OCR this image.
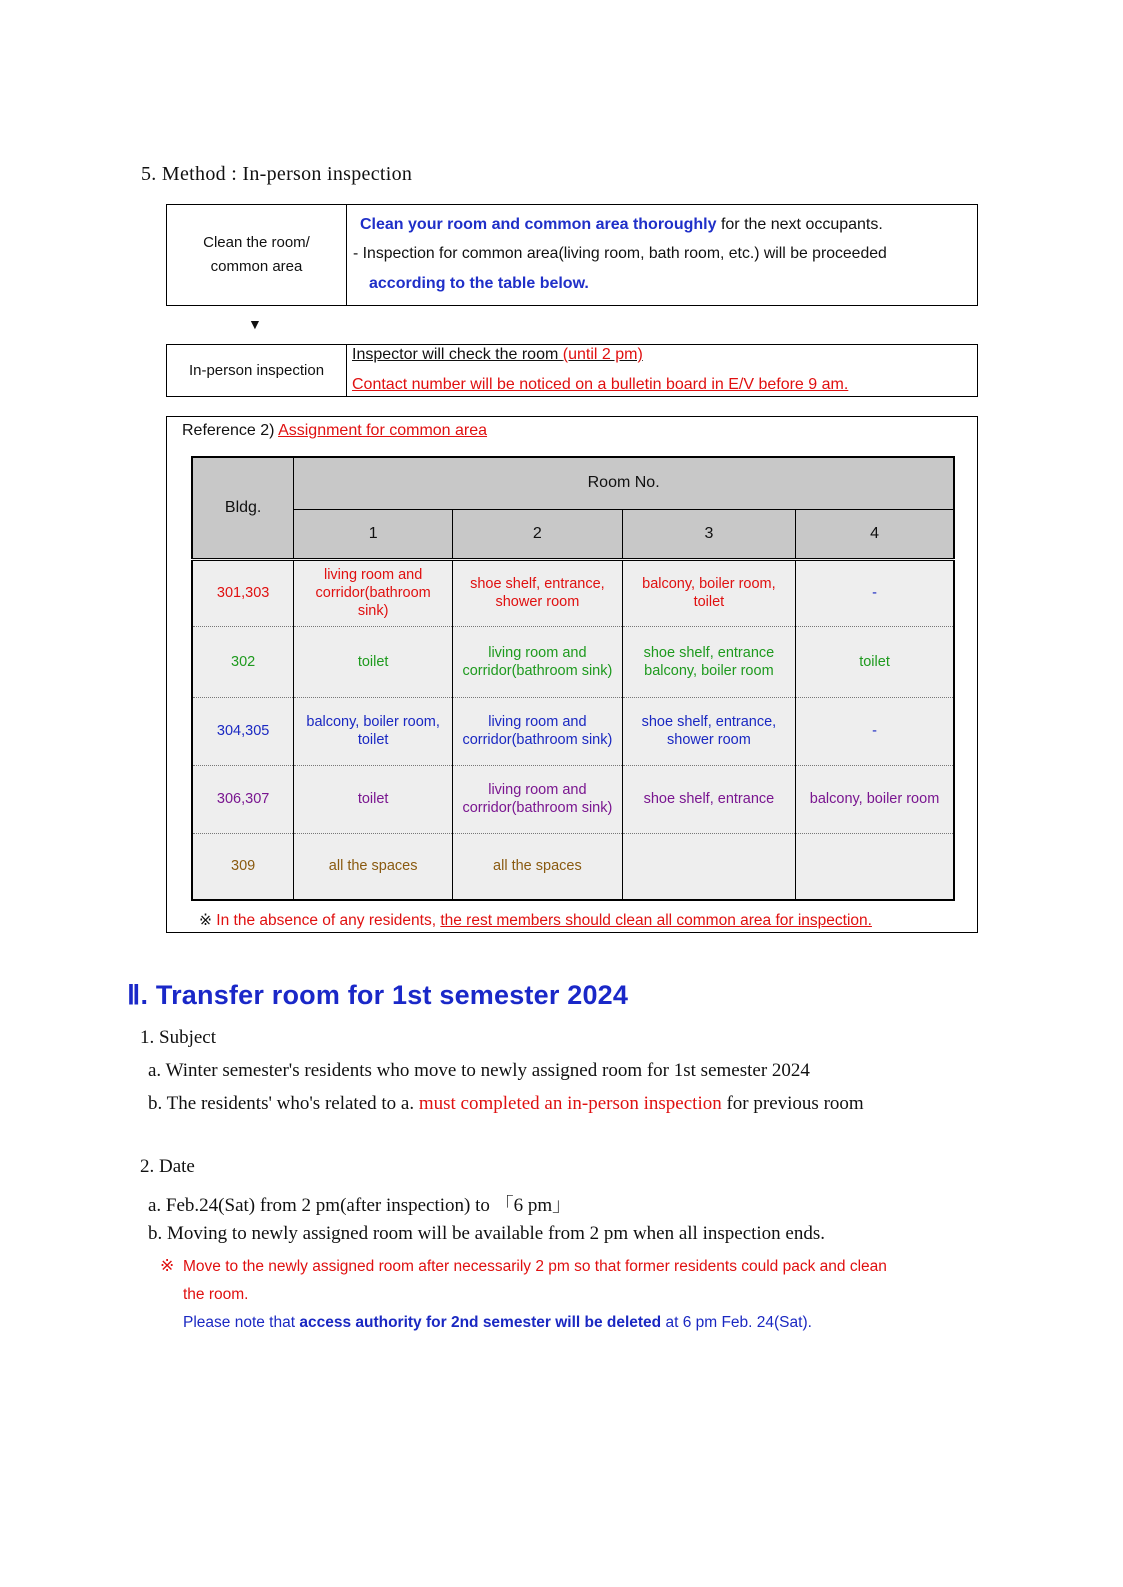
5. Method : In-person inspection
Clean the room/ common area
Clean your room and common area thoroughly for the next occupants.
- Inspection for common area(living room, bath room, etc.) will be proceeded
according to the table below.
▼
In-person inspection
Inspector will check the room (until 2 pm)
Contact number will be noticed on a bulletin board in E/V before 9 am.
Reference 2) Assignment for common area
※ In the absence of any residents, the rest members should clean all common area for inspection.
Bldg.	Room No.			
	1	2	3	4
301,303	living room and corridor(bathroom sink)	shoe shelf, entrance, shower room	balcony, boiler room, toilet	-
302	toilet	living room and corridor(bathroom sink)	shoe shelf, entrance balcony, boiler room	toilet
304,305	balcony, boiler room, toilet	living room and corridor(bathroom sink)	shoe shelf, entrance, shower room	-
306,307	toilet	living room and corridor(bathroom sink)	shoe shelf, entrance	balcony, boiler room
309	all the spaces	all the spaces		
Ⅱ. Transfer room for 1st semester 2024
1. Subject
a. Winter semester's residents who move to newly assigned room for 1st semester 2024
b. The residents' who's related to a. must completed an in-person inspection for previous room
2. Date
a. Feb.24(Sat) from 2 pm(after inspection) to 「6 pm」
b. Moving to newly assigned room will be available from 2 pm when all inspection ends.
※ Move to the newly assigned room after necessarily 2 pm so that former residents could pack and clean
the room.
Please note that access authority for 2nd semester will be deleted at 6 pm Feb. 24(Sat).
